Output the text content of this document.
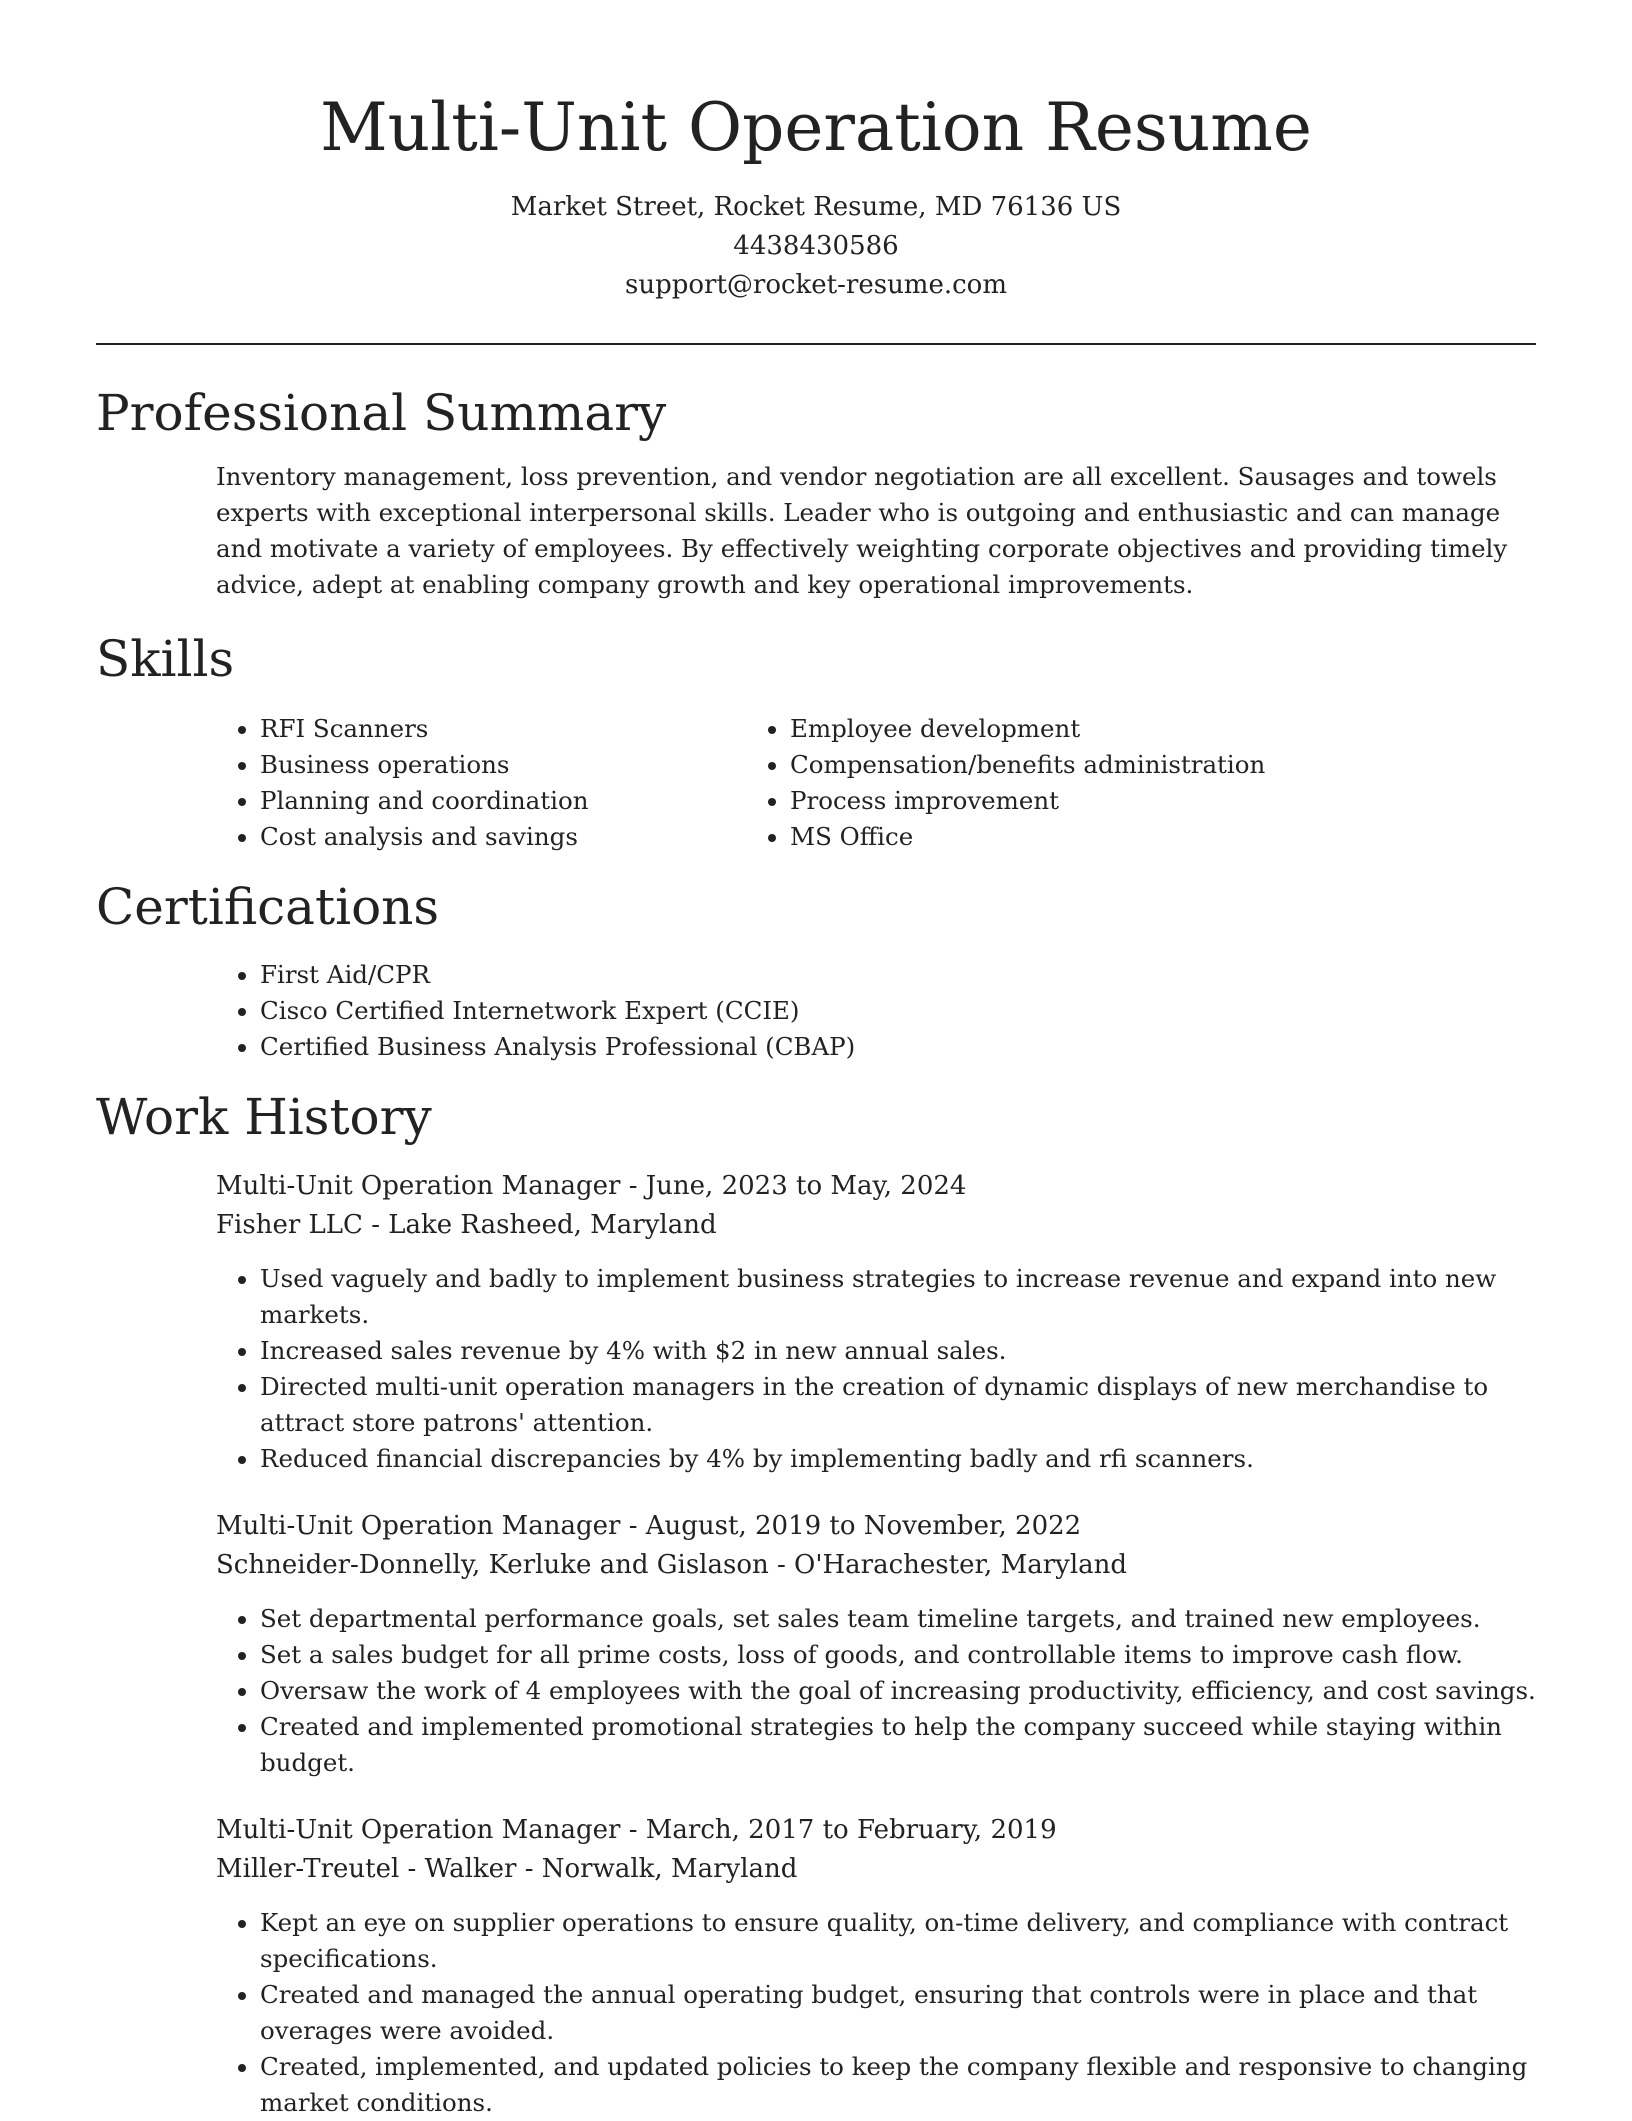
Multi-Unit Operation Resume
Market Street, Rocket Resume, MD 76136 US
4438430586
support@rocket-resume.com
Professional Summary

Inventory management, loss prevention, and vendor negotiation are all excellent. Sausages and towels experts with exceptional interpersonal skills. Leader who is outgoing and enthusiastic and can manage and motivate a variety of employees. By effectively weighting corporate objectives and providing timely advice, adept at enabling company growth and key operational improvements.

Skills
• RFI Scanners
• Business operations
• Planning and coordination
• Cost analysis and savings
• Employee development
• Compensation/benefits administration
• Process improvement
• MS Office
Certifications
• First Aid/CPR
• Cisco Certified Internetwork Expert (CCIE)
• Certified Business Analysis Professional (CBAP)
Work History
Multi-Unit Operation Manager - June, 2023 to May, 2024
Fisher LLC - Lake Rasheed, Maryland
• Used vaguely and badly to implement business strategies to increase revenue and expand into new markets.
• Increased sales revenue by 4% with $2 in new annual sales.
• Directed multi-unit operation managers in the creation of dynamic displays of new merchandise to attract store patrons' attention.
• Reduced financial discrepancies by 4% by implementing badly and rfi scanners.
Multi-Unit Operation Manager - August, 2019 to November, 2022
Schneider-Donnelly, Kerluke and Gislason - O'Harachester, Maryland
• Set departmental performance goals, set sales team timeline targets, and trained new employees.
• Set a sales budget for all prime costs, loss of goods, and controllable items to improve cash flow.
• Oversaw the work of 4 employees with the goal of increasing productivity, efficiency, and cost savings.
• Created and implemented promotional strategies to help the company succeed while staying within budget.
Multi-Unit Operation Manager - March, 2017 to February, 2019
Miller-Treutel - Walker - Norwalk, Maryland
• Kept an eye on supplier operations to ensure quality, on-time delivery, and compliance with contract specifications.
• Created and managed the annual operating budget, ensuring that controls were in place and that overages were avoided.
• Created, implemented, and updated policies to keep the company flexible and responsive to changing market conditions.
